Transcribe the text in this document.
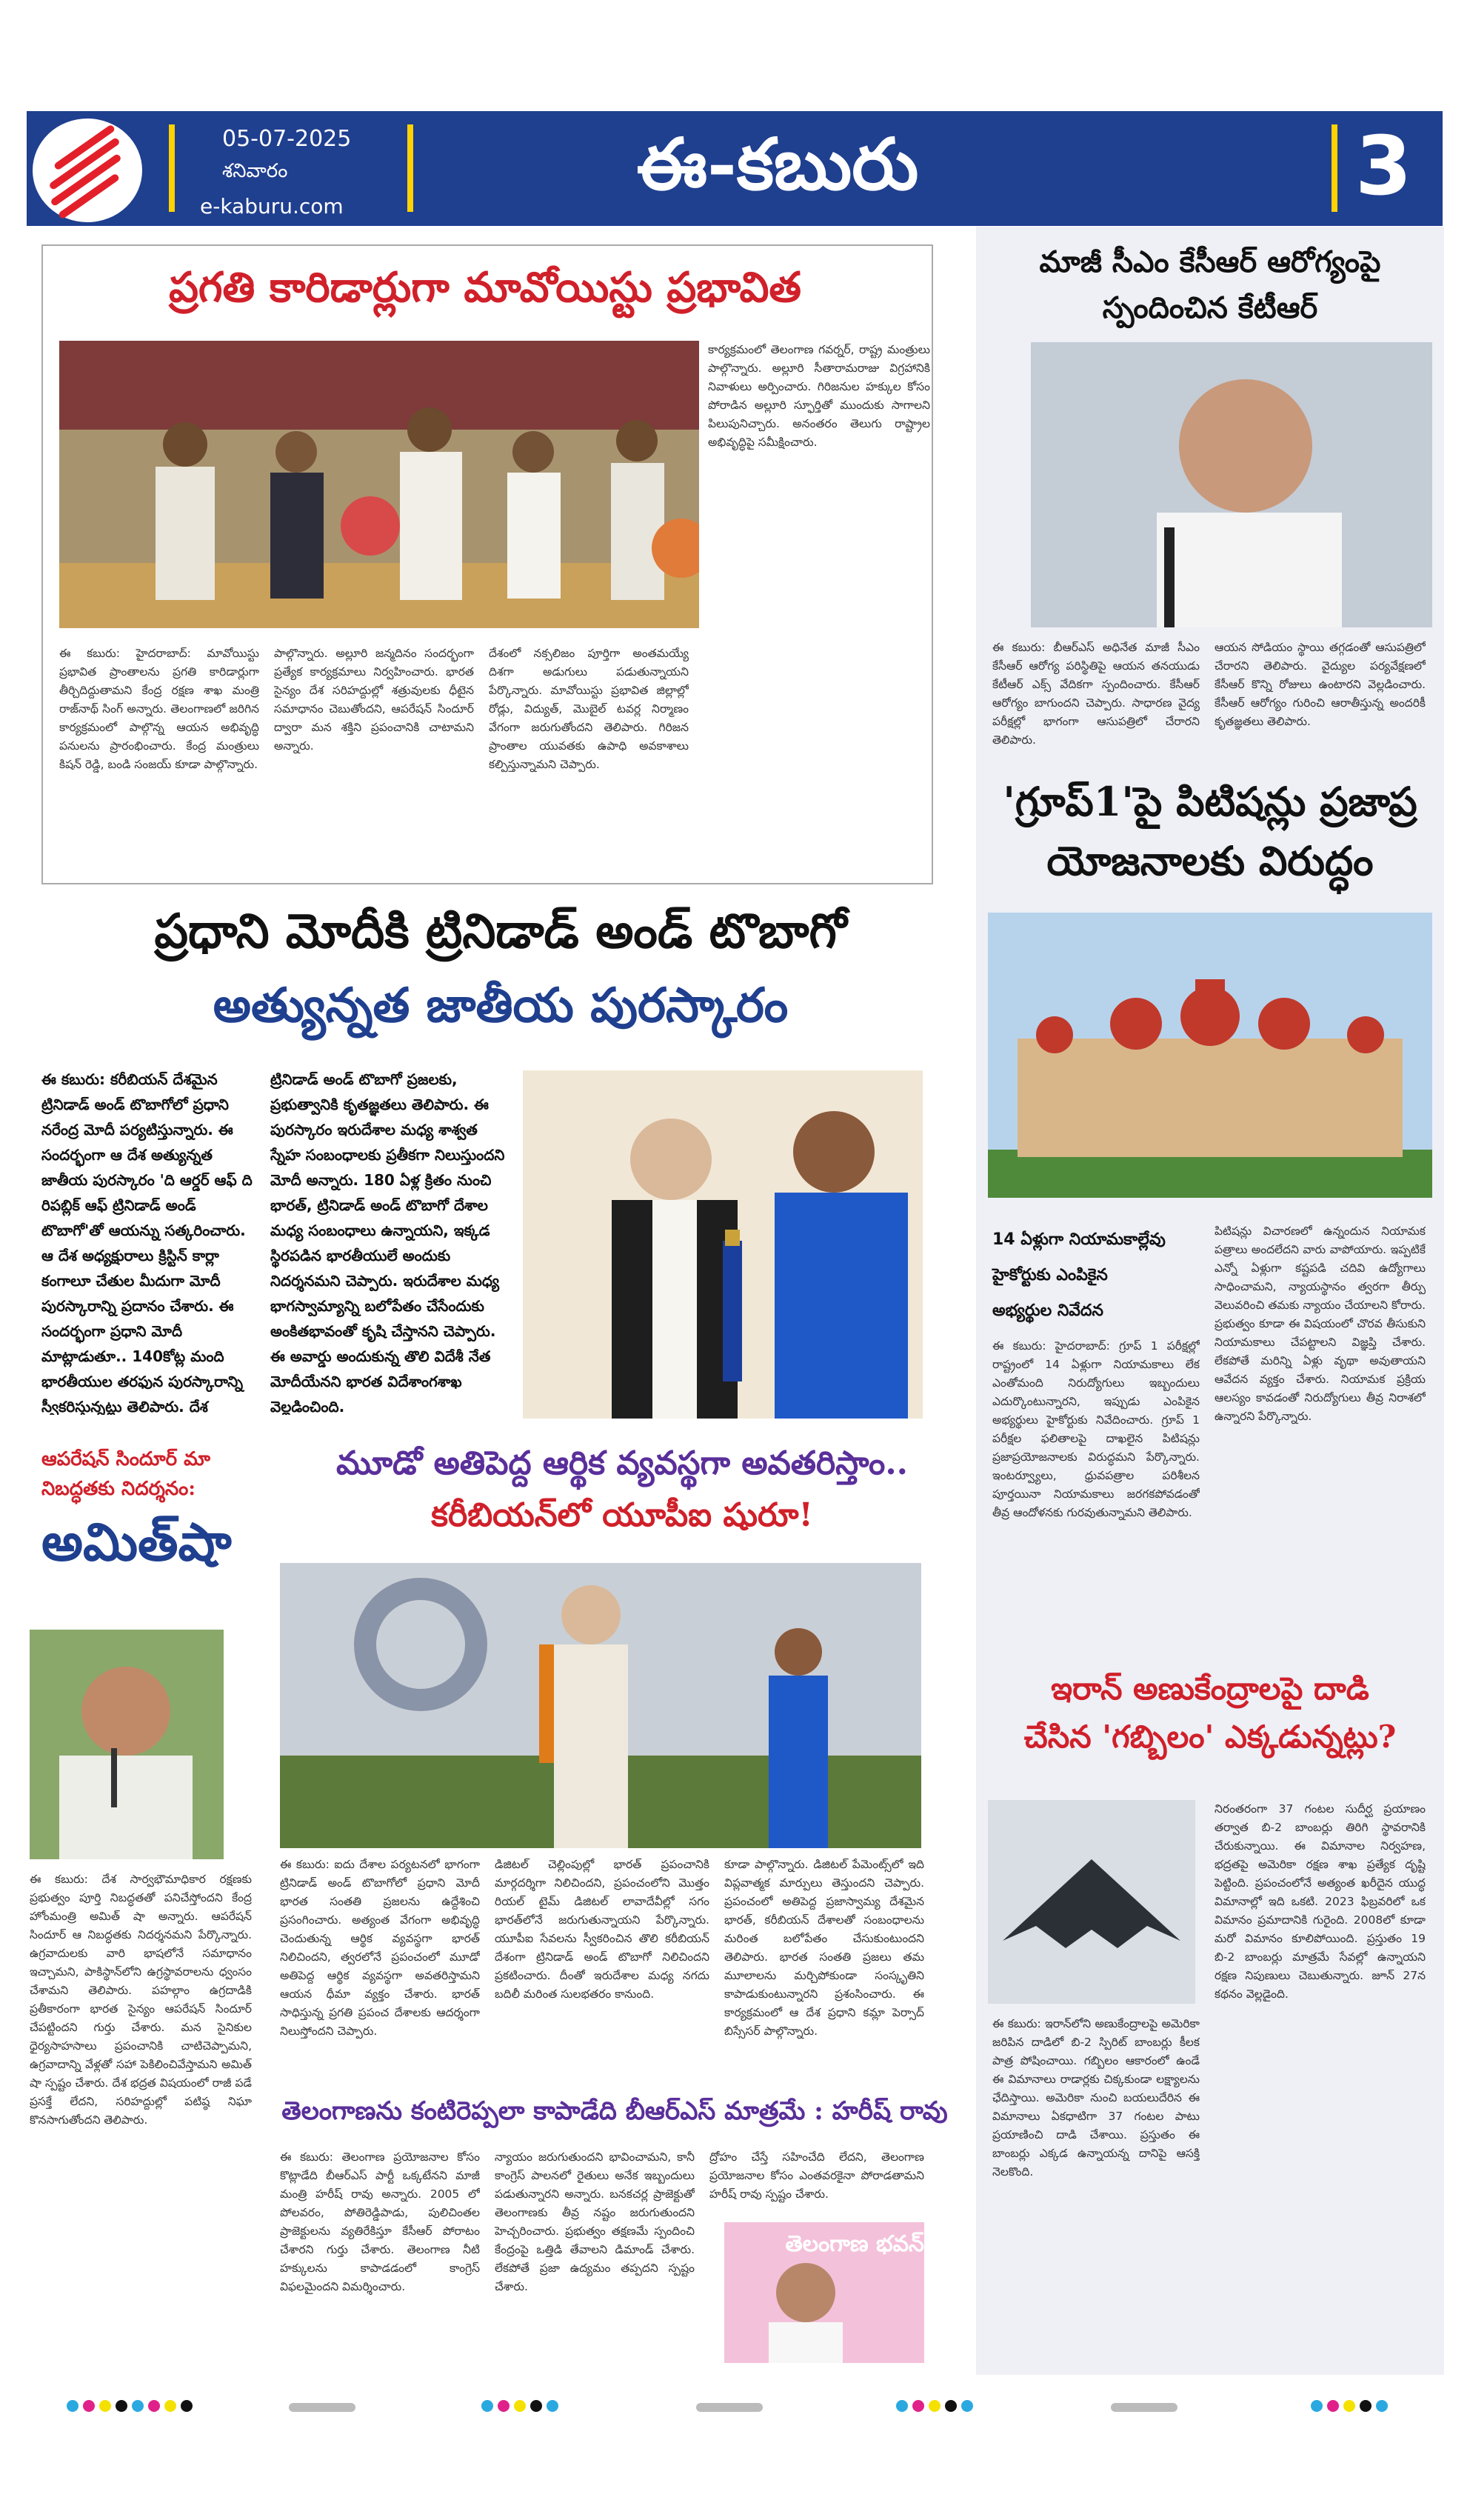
05-07-2025
శనివారం
e-kaburu.com
ఈ-కబురు	3
ప్రగతి కారిడార్లుగా మావోయిస్టు ప్రభావిత
కార్యక్రమంలో తెలంగాణ గవర్నర్, రాష్ట్ర మంత్రులు పాల్గొన్నారు. అల్లూరి సీతారామరాజు విగ్రహానికి నివాళులు అర్పించారు. గిరిజనుల హక్కుల కోసం పోరాడిన అల్లూరి స్ఫూర్తితో ముందుకు సాగాలని పిలుపునిచ్చారు. అనంతరం తెలుగు రాష్ట్రాల అభివృద్ధిపై సమీక్షించారు.
ఈ కబురు: హైదరాబాద్: మావోయిస్టు ప్రభావిత ప్రాంతాలను ప్రగతి కారిడార్లుగా తీర్చిదిద్దుతామని కేంద్ర రక్షణ శాఖ మంత్రి రాజ్‌నాథ్ సింగ్ అన్నారు. తెలంగాణలో జరిగిన కార్యక్రమంలో పాల్గొన్న ఆయన అభివృద్ధి పనులను ప్రారంభించారు. కేంద్ర మంత్రులు కిషన్ రెడ్డి, బండి సంజయ్ కూడా పాల్గొన్నారు.
పాల్గొన్నారు. అల్లూరి జన్మదినం సందర్భంగా ప్రత్యేక కార్యక్రమాలు నిర్వహించారు. భారత సైన్యం దేశ సరిహద్దుల్లో శత్రువులకు ధీటైన సమాధానం చెబుతోందని, ఆపరేషన్ సిందూర్ ద్వారా మన శక్తిని ప్రపంచానికి చాటామని అన్నారు.
దేశంలో నక్సలిజం పూర్తిగా అంతమయ్యే దిశగా అడుగులు పడుతున్నాయని పేర్కొన్నారు. మావోయిస్టు ప్రభావిత జిల్లాల్లో రోడ్లు, విద్యుత్, మొబైల్ టవర్ల నిర్మాణం వేగంగా జరుగుతోందని తెలిపారు. గిరిజన ప్రాంతాల యువతకు ఉపాధి అవకాశాలు కల్పిస్తున్నామని చెప్పారు.
ప్రధాని మోదీకి ట్రినిడాడ్ అండ్ టొబాగో
అత్యున్నత జాతీయ పురస్కారం
ఈ కబురు: కరీబియన్ దేశమైన ట్రినిడాడ్ అండ్ టొబాగోలో ప్రధాని నరేంద్ర మోదీ పర్యటిస్తున్నారు. ఈ సందర్భంగా ఆ దేశ అత్యున్నత జాతీయ పురస్కారం 'ది ఆర్డర్ ఆఫ్ ది రిపబ్లిక్ ఆఫ్ ట్రినిడాడ్ అండ్ టొబాగో'తో ఆయన్ను సత్కరించారు. ఆ దేశ అధ్యక్షురాలు క్రిస్టిన్ కార్లా కంగాలూ చేతుల మీదుగా మోదీ పురస్కారాన్ని ప్రదానం చేశారు. ఈ సందర్భంగా ప్రధాని మోదీ మాట్లాడుతూ.. 140కోట్ల మంది భారతీయుల తరఫున పురస్కారాన్ని స్వీకరిస్తున్నట్లు తెలిపారు. దేశ
ట్రినిడాడ్ అండ్ టొబాగో ప్రజలకు, ప్రభుత్వానికి కృతజ్ఞతలు తెలిపారు. ఈ పురస్కారం ఇరుదేశాల మధ్య శాశ్వత స్నేహ సంబంధాలకు ప్రతీకగా నిలుస్తుందని మోదీ అన్నారు. 180 ఏళ్ల క్రితం నుంచి భారత్, ట్రినిడాడ్ అండ్ టొబాగో దేశాల మధ్య సంబంధాలు ఉన్నాయని, ఇక్కడ స్థిరపడిన భారతీయులే అందుకు నిదర్శనమని చెప్పారు. ఇరుదేశాల మధ్య భాగస్వామ్యాన్ని బలోపేతం చేసేందుకు అంకితభావంతో కృషి చేస్తానని చెప్పారు. ఈ అవార్డు అందుకున్న తొలి విదేశీ నేత మోదీయేనని భారత విదేశాంగశాఖ వెల్లడించింది.
ఆపరేషన్ సిందూర్ మా
నిబద్ధతకు నిదర్శనం:
అమిత్‌షా
ఈ కబురు: దేశ సార్వభౌమాధికార రక్షణకు ప్రభుత్వం పూర్తి నిబద్ధతతో పనిచేస్తోందని కేంద్ర హోంమంత్రి అమిత్ షా అన్నారు. ఆపరేషన్ సిందూర్ ఆ నిబద్ధతకు నిదర్శనమని పేర్కొన్నారు. ఉగ్రవాదులకు వారి భాషలోనే సమాధానం ఇచ్చామని, పాకిస్థాన్‌లోని ఉగ్రస్థావరాలను ధ్వంసం చేశామని తెలిపారు. పహల్గాం ఉగ్రదాడికి ప్రతీకారంగా భారత సైన్యం ఆపరేషన్ సిందూర్ చేపట్టిందని గుర్తు చేశారు. మన సైనికుల ధైర్యసాహసాలు ప్రపంచానికి చాటిచెప్పామని, ఉగ్రవాదాన్ని వేళ్లతో సహా పెకిలించివేస్తామని అమిత్ షా స్పష్టం చేశారు. దేశ భద్రత విషయంలో రాజీ పడే ప్రసక్తే లేదని, సరిహద్దుల్లో పటిష్ఠ నిఘా కొనసాగుతోందని తెలిపారు.
మూడో అతిపెద్ద ఆర్థిక వ్యవస్థగా అవతరిస్తాం..
కరీబియన్‌లో యూపీఐ షురూ!
ఈ కబురు: ఐదు దేశాల పర్యటనలో భాగంగా ట్రినిడాడ్ అండ్ టొబాగోలో ప్రధాని మోదీ భారత సంతతి ప్రజలను ఉద్దేశించి ప్రసంగించారు. అత్యంత వేగంగా అభివృద్ధి చెందుతున్న ఆర్థిక వ్యవస్థగా భారత్ నిలిచిందని, త్వరలోనే ప్రపంచంలో మూడో అతిపెద్ద ఆర్థిక వ్యవస్థగా అవతరిస్తామని ఆయన ధీమా వ్యక్తం చేశారు. భారత్ సాధిస్తున్న ప్రగతి ప్రపంచ దేశాలకు ఆదర్శంగా నిలుస్తోందని చెప్పారు.
డిజిటల్ చెల్లింపుల్లో భారత్ ప్రపంచానికి మార్గదర్శిగా నిలిచిందని, ప్రపంచంలోని మొత్తం రియల్ టైమ్ డిజిటల్ లావాదేవీల్లో సగం భారత్‌లోనే జరుగుతున్నాయని పేర్కొన్నారు. యూపీఐ సేవలను స్వీకరించిన తొలి కరీబియన్ దేశంగా ట్రినిడాడ్ అండ్ టొబాగో నిలిచిందని ప్రకటించారు. దీంతో ఇరుదేశాల మధ్య నగదు బదిలీ మరింత సులభతరం కానుంది.
కూడా పాల్గొన్నారు. డిజిటల్ పేమెంట్స్‌లో ఇది విప్లవాత్మక మార్పులు తెస్తుందని చెప్పారు. ప్రపంచంలో అతిపెద్ద ప్రజాస్వామ్య దేశమైన భారత్, కరీబియన్ దేశాలతో సంబంధాలను మరింత బలోపేతం చేసుకుంటుందని తెలిపారు. భారత సంతతి ప్రజలు తమ మూలాలను మర్చిపోకుండా సంస్కృతిని కాపాడుకుంటున్నారని ప్రశంసించారు. ఈ కార్యక్రమంలో ఆ దేశ ప్రధాని కమ్లా పెర్సాద్ బిస్సేసర్ పాల్గొన్నారు.
తెలంగాణను కంటిరెప్పలా కాపాడేది బీఆర్ఎస్ మాత్రమే : హరీష్ రావు
ఈ కబురు: తెలంగాణ ప్రయోజనాల కోసం కొట్లాడేది బీఆర్ఎస్ పార్టీ ఒక్కటేనని మాజీ మంత్రి హరీష్ రావు అన్నారు. 2005 లో పోలవరం, పోతిరెడ్డిపాడు, పులిచింతల ప్రాజెక్టులను వ్యతిరేకిస్తూ కేసీఆర్ పోరాటం చేశారని గుర్తు చేశారు. తెలంగాణ నీటి హక్కులను కాపాడడంలో కాంగ్రెస్ విఫలమైందని విమర్శించారు.
న్యాయం జరుగుతుందని భావించామని, కానీ కాంగ్రెస్ పాలనలో రైతులు అనేక ఇబ్బందులు పడుతున్నారని అన్నారు. బనకచర్ల ప్రాజెక్టుతో తెలంగాణకు తీవ్ర నష్టం జరుగుతుందని హెచ్చరించారు. ప్రభుత్వం తక్షణమే స్పందించి కేంద్రంపై ఒత్తిడి తేవాలని డిమాండ్ చేశారు. లేకపోతే ప్రజా ఉద్యమం తప్పదని స్పష్టం చేశారు.
ద్రోహం చేస్తే సహించేది లేదని, తెలంగాణ ప్రయోజనాల కోసం ఎంతవరకైనా పోరాడతామని హరీష్ రావు స్పష్టం చేశారు.
తెలంగాణ భవన్
మాజీ సీఎం కేసీఆర్ ఆరోగ్యంపై
స్పందించిన కేటీఆర్
ఈ కబురు: బీఆర్ఎస్ అధినేత మాజీ సీఎం కేసీఆర్ ఆరోగ్య పరిస్థితిపై ఆయన తనయుడు కేటీఆర్ ఎక్స్ వేదికగా స్పందించారు. కేసీఆర్ ఆరోగ్యం బాగుందని చెప్పారు. సాధారణ వైద్య పరీక్షల్లో భాగంగా ఆసుపత్రిలో చేరారని తెలిపారు.
ఆయన సోడియం స్థాయి తగ్గడంతో ఆసుపత్రిలో చేరారని తెలిపారు. వైద్యుల పర్యవేక్షణలో కేసీఆర్ కొన్ని రోజులు ఉంటారని వెల్లడించారు. కేసీఆర్ ఆరోగ్యం గురించి ఆరాతీస్తున్న అందరికీ కృతజ్ఞతలు తెలిపారు.
'గ్రూప్1'పై పిటిషన్లు ప్రజాప్ర
యోజనాలకు విరుద్ధం
14 ఏళ్లుగా నియామకాల్లేవు
హైకోర్టుకు ఎంపికైన
అభ్యర్థుల నివేదన
ఈ కబురు: హైదరాబాద్: గ్రూప్ 1 పరీక్షల్లో రాష్ట్రంలో 14 ఏళ్లుగా నియామకాలు లేక ఎంతోమంది నిరుద్యోగులు ఇబ్బందులు ఎదుర్కొంటున్నారని, ఇప్పుడు ఎంపికైన అభ్యర్థులు హైకోర్టుకు నివేదించారు. గ్రూప్ 1 పరీక్షల ఫలితాలపై దాఖలైన పిటిషన్లు ప్రజాప్రయోజనాలకు విరుద్ధమని పేర్కొన్నారు. ఇంటర్వ్యూలు, ధ్రువపత్రాల పరిశీలన పూర్తయినా నియామకాలు జరగకపోవడంతో తీవ్ర ఆందోళనకు గురవుతున్నామని తెలిపారు.
పిటిషన్లు విచారణలో ఉన్నందున నియామక పత్రాలు అందలేదని వారు వాపోయారు. ఇప్పటికే ఎన్నో ఏళ్లుగా కష్టపడి చదివి ఉద్యోగాలు సాధించామని, న్యాయస్థానం త్వరగా తీర్పు వెలువరించి తమకు న్యాయం చేయాలని కోరారు. ప్రభుత్వం కూడా ఈ విషయంలో చొరవ తీసుకుని నియామకాలు చేపట్టాలని విజ్ఞప్తి చేశారు. లేకపోతే మరిన్ని ఏళ్లు వృథా అవుతాయని ఆవేదన వ్యక్తం చేశారు. నియామక ప్రక్రియ ఆలస్యం కావడంతో నిరుద్యోగులు తీవ్ర నిరాశలో ఉన్నారని పేర్కొన్నారు.
ఇరాన్ అణుకేంద్రాలపై దాడి
చేసిన 'గబ్బిలం' ఎక్కడున్నట్లు?
ఈ కబురు: ఇరాన్‌లోని అణుకేంద్రాలపై అమెరికా జరిపిన దాడిలో బి-2 స్పిరిట్ బాంబర్లు కీలక పాత్ర పోషించాయి. గబ్బిలం ఆకారంలో ఉండే ఈ విమానాలు రాడార్లకు చిక్కకుండా లక్ష్యాలను ఛేదిస్తాయి. అమెరికా నుంచి బయలుదేరిన ఈ విమానాలు ఏకధాటిగా 37 గంటల పాటు ప్రయాణించి దాడి చేశాయి. ప్రస్తుతం ఈ బాంబర్లు ఎక్కడ ఉన్నాయన్న దానిపై ఆసక్తి నెలకొంది.
నిరంతరంగా 37 గంటల సుదీర్ఘ ప్రయాణం తర్వాత బి-2 బాంబర్లు తిరిగి స్థావరానికి చేరుకున్నాయి. ఈ విమానాల నిర్వహణ, భద్రతపై అమెరికా రక్షణ శాఖ ప్రత్యేక దృష్టి పెట్టింది. ప్రపంచంలోనే అత్యంత ఖరీదైన యుద్ధ విమానాల్లో ఇది ఒకటి. 2023 ఫిబ్రవరిలో ఒక విమానం ప్రమాదానికి గురైంది. 2008లో కూడా మరో విమానం కూలిపోయింది. ప్రస్తుతం 19 బి-2 బాంబర్లు మాత్రమే సేవల్లో ఉన్నాయని రక్షణ నిపుణులు చెబుతున్నారు. జూన్ 27న కథనం వెల్లడైంది.
